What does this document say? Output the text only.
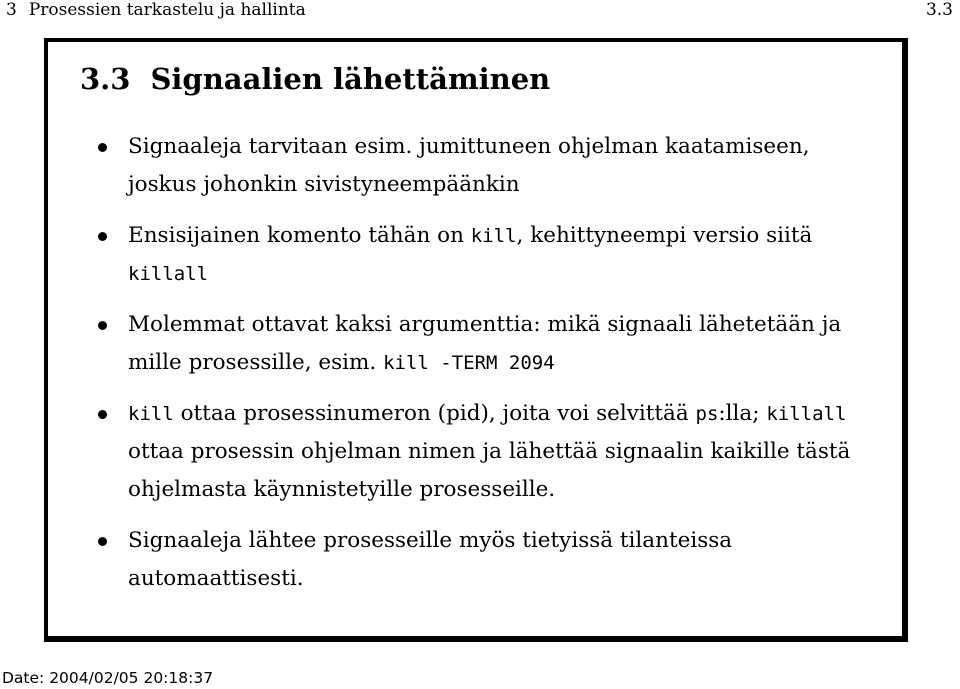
3 Prosessien tarkastelu ja hallinta	3.3
3.3 Signaalien lähettäminen
Signaaleja tarvitaan esim. jumittuneen ohjelman kaatamiseen, joskus johonkin sivistyneempäänkin
Ensisijainen komento tähän on kill, kehittyneempi versio siitä killall
Molemmat ottavat kaksi argumenttia: mikä signaali lähetetään ja mille prosessille, esim. kill -TERM 2094
kill ottaa prosessinumeron (pid), joita voi selvittää ps:lla; killall ottaa prosessin ohjelman nimen ja lähettää signaalin kaikille tästä ohjelmasta käynnistetyille prosesseille.
Signaaleja lähtee prosesseille myös tietyissä tilanteissa automaattisesti.
Date: 2004/02/05 20:18:37
